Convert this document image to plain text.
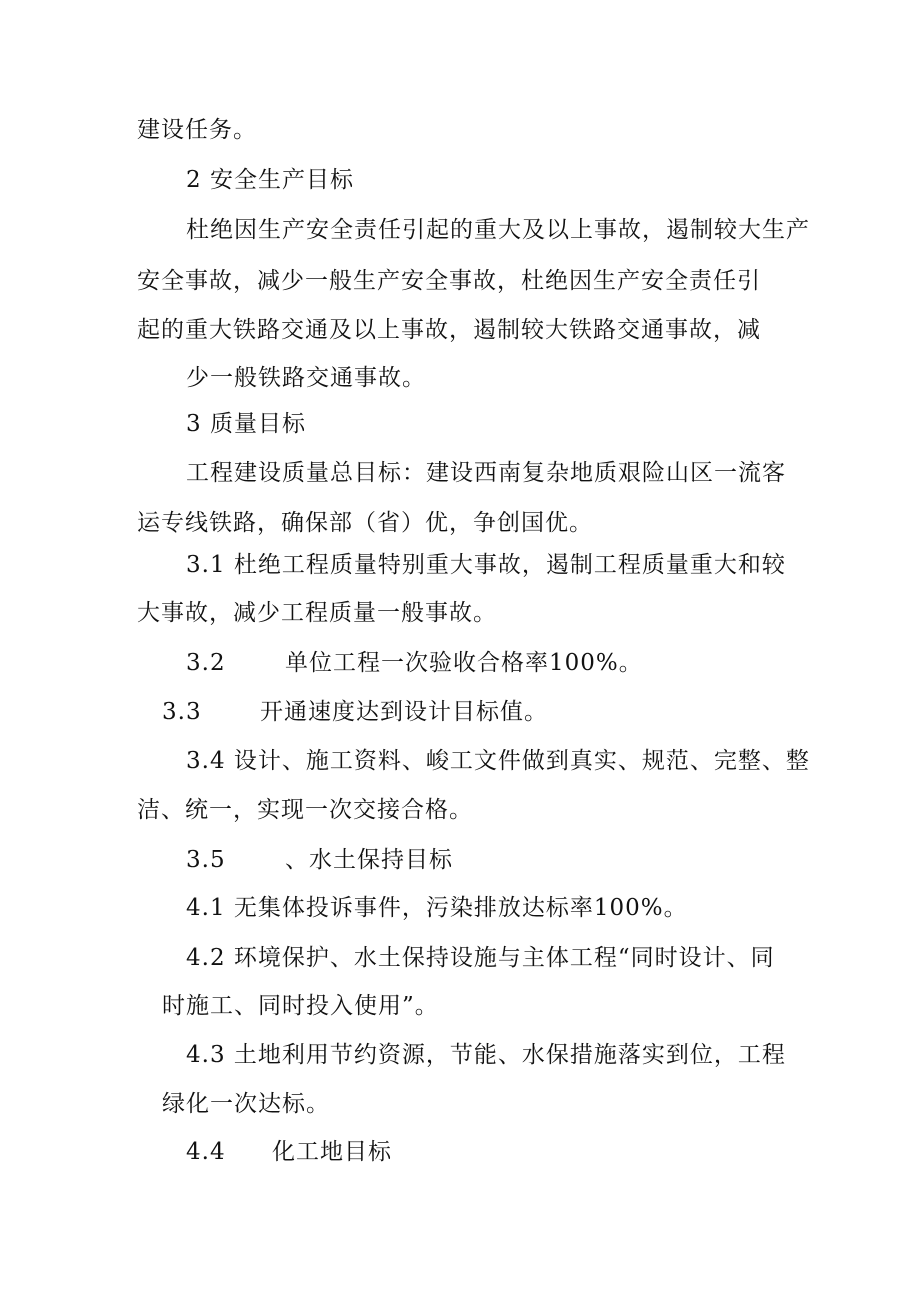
建设任务。
2 安全生产目标
杜绝因生产安全责任引起的重大及以上事故，遏制较大生产
安全事故，减少一般生产安全事故，杜绝因生产安全责任引
起的重大铁路交通及以上事故，遏制较大铁路交通事故，减
少一般铁路交通事故。
3 质量目标
工程建设质量总目标：建设西南复杂地质艰险山区一流客
运专线铁路，确保部（省）优，争创国优。
3.1 杜绝工程质量特别重大事故，遏制工程质量重大和较
大事故，减少工程质量一般事故。
3.2	单位工程一次验收合格率100%。
3.3	开通速度达到设计目标值。
3.4 设计、施工资料、峻工文件做到真实、规范、完整、整
洁、统一，实现一次交接合格。
3.5	、水土保持目标
4.1 无集体投诉事件，污染排放达标率100%。
4.2 环境保护、水土保持设施与主体工程“同时设计、同
时施工、同时投入使用”。
4.3 土地利用节约资源，节能、水保措施落实到位，工程
绿化一次达标。
4.4 化工地目标
